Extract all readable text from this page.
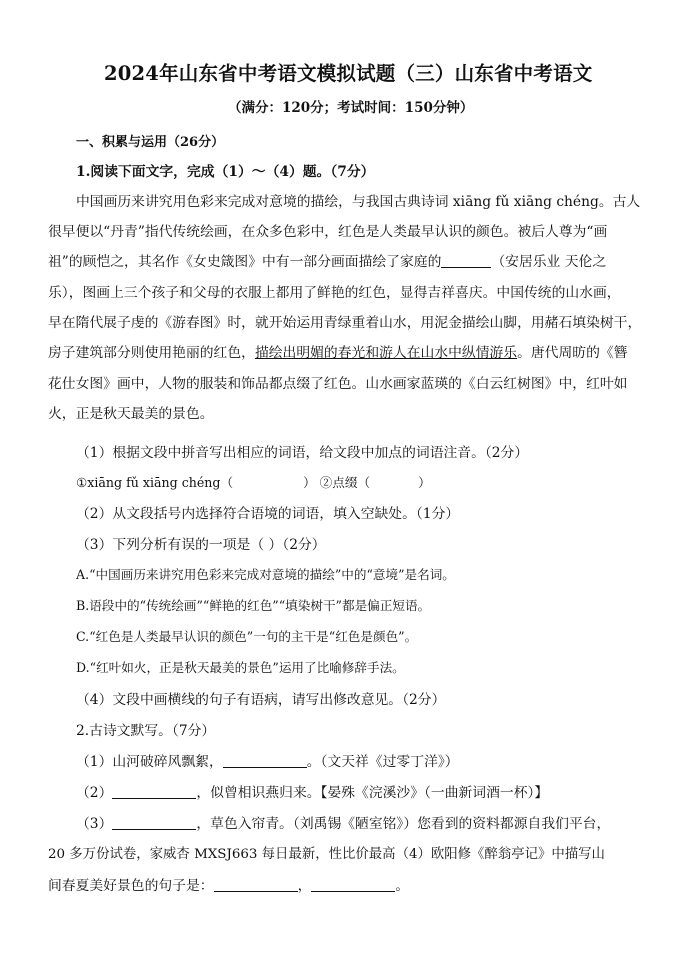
2024年山东省中考语文模拟试题（三）山东省中考语文
（满分：120分；考试时间：150分钟）
一、积累与运用（26分）
1.阅读下面文字，完成（1）～（4）题。（7分）
中国画历来讲究用色彩来完成对意境的描绘，与我国古典诗词 xiāng fǔ xiāng chéng。古人
很早便以“丹青”指代传统绘画，在众多色彩中，红色是人类最早认识的颜色。被后人尊为“画
祖”的顾恺之，其名作《女史箴图》中有一部分画面描绘了家庭的	（安居乐业 天伦之
乐），图画上三个孩子和父母的衣服上都用了鲜艳的红色，显得吉祥喜庆。中国传统的山水画，
早在隋代展子虔的《游春图》时，就开始运用青绿重着山水，用泥金描绘山脚，用赭石填染树干，
房子建筑部分则使用艳丽的红色，描绘出明媚的春光和游人在山水中纵情游乐。唐代周昉的《簪
花仕女图》画中，人物的服装和饰品都点缀了红色。山水画家蓝瑛的《白云红树图》中，红叶如
火，正是秋天最美的景色。
（1）根据文段中拼音写出相应的词语，给文段中加点的词语注音。（2分）
①xiāng fǔ xiāng chéng（	） ②点缀（	）
（2）从文段括号内选择符合语境的词语，填入空缺处。（1分）
（3）下列分析有误的一项是（ ）（2分）
A.“中国画历来讲究用色彩来完成对意境的描绘”中的“意境”是名词。
B.语段中的“传统绘画”“鲜艳的红色”“填染树干”都是偏正短语。
C.“红色是人类最早认识的颜色”一句的主干是“红色是颜色”。
D.“红叶如火，正是秋天最美的景色”运用了比喻修辞手法。
（4）文段中画横线的句子有语病，请写出修改意见。（2分）
2.古诗文默写。（7分）
（1）山河破碎风飘絮，	。（文天祥《过零丁洋》）
（2）	，似曾相识燕归来。【晏殊《浣溪沙》（一曲新词酒一杯）】
（3）	，草色入帘青。（刘禹锡《陋室铭》）您看到的资料都源自我们平台，
20 多万份试卷，家威杏 MXSJ663 每日最新，性比价最高（4）欧阳修《醉翁亭记》中描写山
间春夏美好景色的句子是：	，	。
